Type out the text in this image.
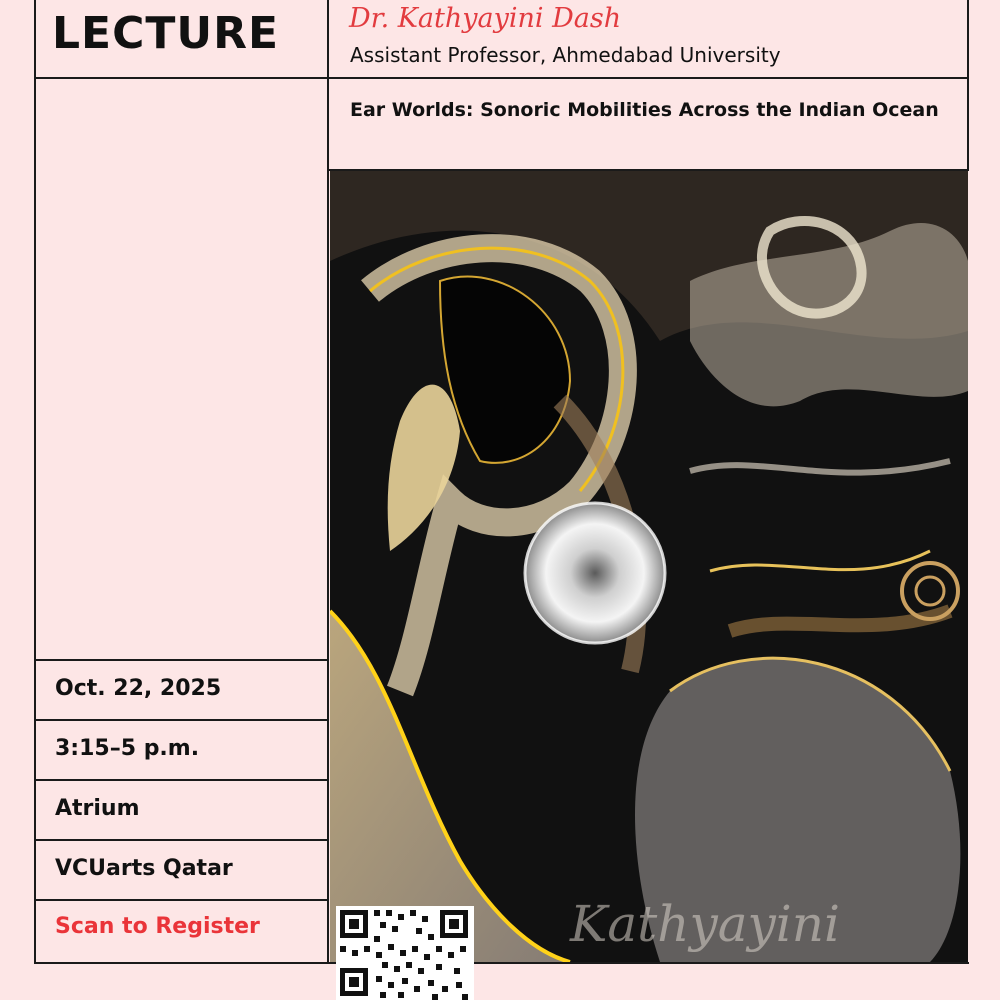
LECTURE	Dr. Kathyayini Dash
Assistant Professor, Ahmedabad University
Ear Worlds: Sonoric Mobilities Across the Indian Ocean
Oct. 22, 2025
3:15–5 p.m.
Atrium
VCUarts Qatar
Scan to Register	Kathyayini
